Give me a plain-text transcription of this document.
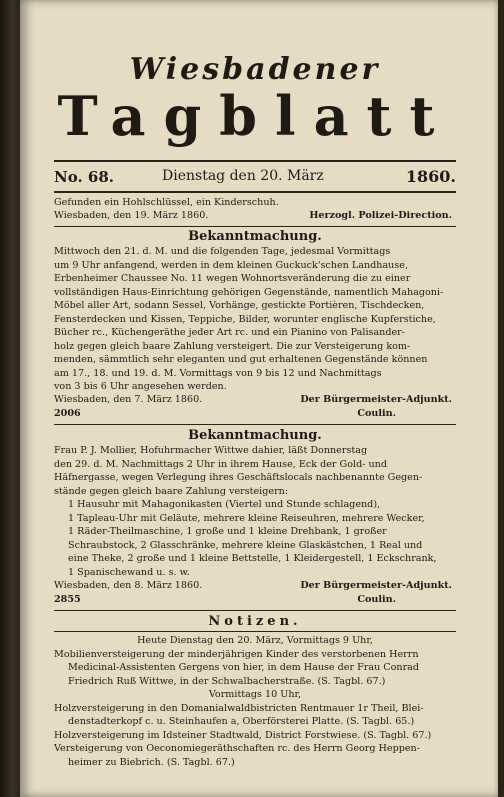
Wiesbadener
Tagblatt
No. 68.	Dienstag den 20. März	1860.
Gefunden ein Hohlschlüssel, ein Kinderschuh.
Wiesbaden, den 19. März 1860.	Herzogl. Polizei-Direction.
Bekanntmachung.
Mittwoch den 21. d. M. und die folgenden Tage, jedesmal Vormittags
um 9 Uhr anfangend, werden in dem kleinen Guckuck'schen Landhause,
Erbenheimer Chaussee No. 11 wegen Wohnortsveränderung die zu einer
vollständigen Haus-Einrichtung gehörigen Gegenstände, namentlich Mahagoni-
Möbel aller Art, sodann Sessel, Vorhänge, gestickte Portièren, Tischdecken,
Fensterdecken und Kissen, Teppiche, Bilder, worunter englische Kupferstiche,
Bücher rc., Küchengeräthe jeder Art rc. und ein Pianino von Palisander-
holz gegen gleich baare Zahlung versteigert. Die zur Versteigerung kom-
menden, sämmtlich sehr eleganten und gut erhaltenen Gegenstände können
am 17., 18. und 19. d. M. Vormittags von 9 bis 12 und Nachmittags
von 3 bis 6 Uhr angesehen werden.
Wiesbaden, den 7. März 1860.	Der Bürgermeister-Adjunkt.
2006	Coulin.
Bekanntmachung.
Frau P. J. Mollier, Hofuhrmacher Wittwe dahier, läßt Donnerstag
den 29. d. M. Nachmittags 2 Uhr in ihrem Hause, Eck der Gold- und
Häfnergasse, wegen Verlegung ihres Geschäftslocals nachbenannte Gegen-
stände gegen gleich baare Zahlung versteigern:
1 Hausuhr mit Mahagonikasten (Viertel und Stunde schlagend),
1 Tapleau-Uhr mit Geläute, mehrere kleine Reiseuhren, mehrere Wecker,
1 Räder-Theilmaschine, 1 große und 1 kleine Drehbank, 1 großer
Schraubstock, 2 Glasschränke, mehrere kleine Glaskästchen, 1 Real und
eine Theke, 2 große und 1 kleine Bettstelle, 1 Kleidergestell, 1 Eckschrank,
1 Spanischewand u. s. w.
Wiesbaden, den 8. März 1860.	Der Bürgermeister-Adjunkt.
2855	Coulin.
Notizen.
Heute Dienstag den 20. März, Vormittags 9 Uhr,
Mobilienversteigerung der minderjährigen Kinder des verstorbenen Herrn
Medicinal-Assistenten Gergens von hier, in dem Hause der Frau Conrad
Friedrich Ruß Wittwe, in der Schwalbacherstraße. (S. Tagbl. 67.)
Vormittags 10 Uhr,
Holzversteigerung in den Domanialwaldbistricten Rentmauer 1r Theil, Blei-
denstadterkopf c. u. Steinhaufen a, Oberförsterei Platte. (S. Tagbl. 65.)
Holzversteigerung im Idsteiner Stadtwald, District Forstwiese. (S. Tagbl. 67.)
Versteigerung von Oeconomiegeräthschaften rc. des Herrn Georg Heppen-
heimer zu Biebrich. (S. Tagbl. 67.)
